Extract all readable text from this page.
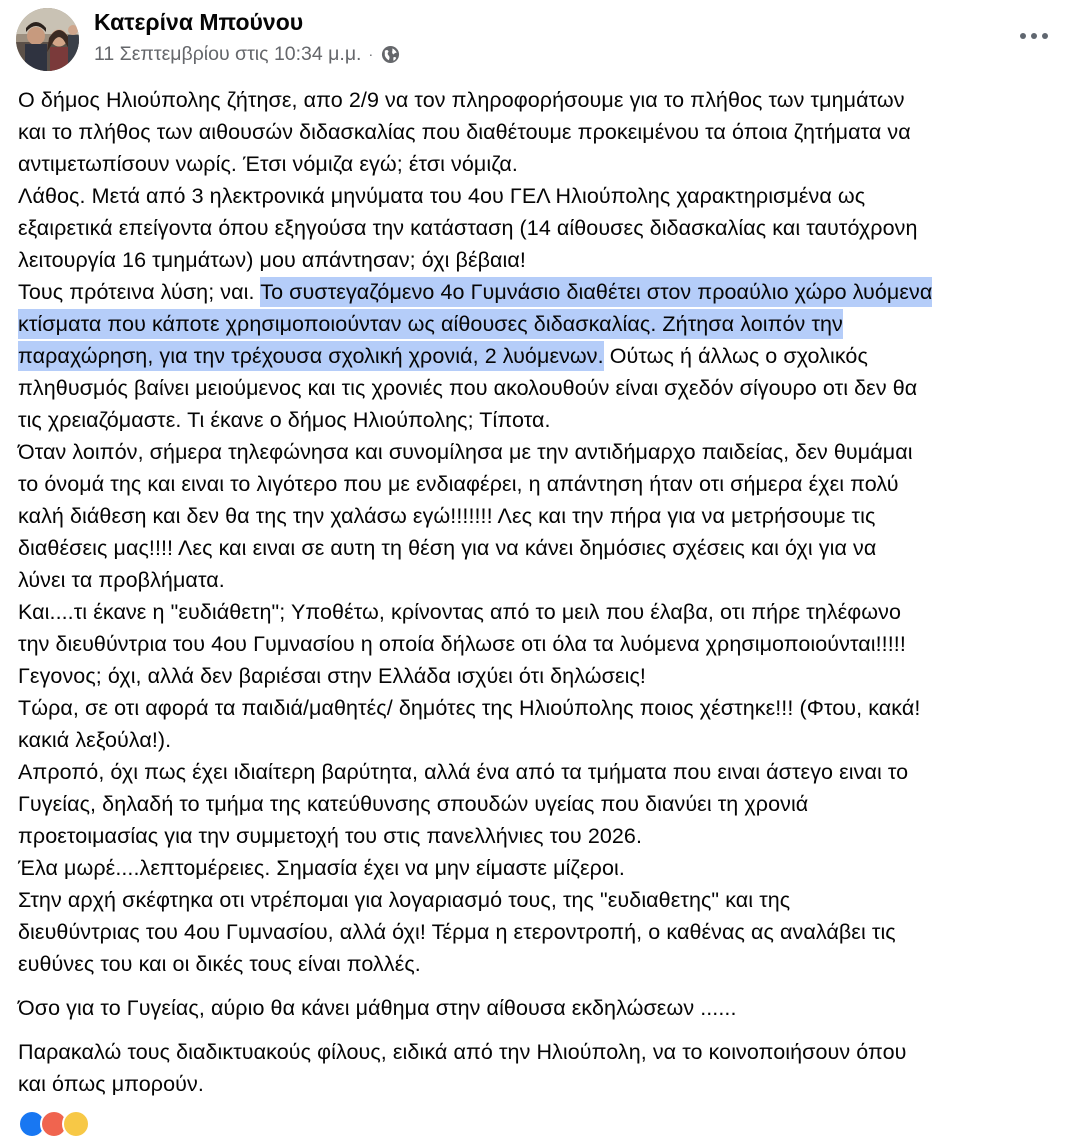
Κατερίνα Μπούνου
11 Σεπτεμβρίου στις 10:34 μ.μ. ·

Ο δήμος Ηλιούπολης ζήτησε, απο 2/9 να τον πληροφορήσουμε για το πλήθος των τμημάτων

και το πλήθος των αιθουσών διδασκαλίας που διαθέτουμε προκειμένου τα όποια ζητήματα να

αντιμετωπίσουν νωρίς. Έτσι νόμιζα εγώ; έτσι νόμιζα.

Λάθος. Μετά από 3 ηλεκτρονικά μηνύματα του 4ου ΓΕΛ Ηλιούπολης χαρακτηρισμένα ως

εξαιρετικά επείγοντα όπου εξηγούσα την κατάσταση (14 αίθουσες διδασκαλίας και ταυτόχρονη

λειτουργία 16 τμημάτων) μου απάντησαν; όχι βέβαια!

Τους πρότεινα λύση; ναι. Το συστεγαζόμενο 4ο Γυμνάσιο διαθέτει στον προαύλιο χώρο λυόμενα

κτίσματα που κάποτε χρησιμοποιούνταν ως αίθουσες διδασκαλίας. Ζήτησα λοιπόν την

παραχώρηση, για την τρέχουσα σχολική χρονιά, 2 λυόμενων. Ούτως ή άλλως ο σχολικός

πληθυσμός βαίνει μειούμενος και τις χρονιές που ακολουθούν είναι σχεδόν σίγουρο οτι δεν θα

τις χρειαζόμαστε. Τι έκανε ο δήμος Ηλιούπολης; Τίποτα.

Όταν λοιπόν, σήμερα τηλεφώνησα και συνομίλησα με την αντιδήμαρχο παιδείας, δεν θυμάμαι

το όνομά της και ειναι το λιγότερο που με ενδιαφέρει, η απάντηση ήταν οτι σήμερα έχει πολύ

καλή διάθεση και δεν θα της την χαλάσω εγώ!!!!!!! Λες και την πήρα για να μετρήσουμε τις

διαθέσεις μας!!!! Λες και ειναι σε αυτη τη θέση για να κάνει δημόσιες σχέσεις και όχι για να

λύνει τα προβλήματα.

Και....τι έκανε η "ευδιάθετη"; Υποθέτω, κρίνοντας από το μειλ που έλαβα, οτι πήρε τηλέφωνο

την διευθύντρια του 4ου Γυμνασίου η οποία δήλωσε οτι όλα τα λυόμενα χρησιμοποιούνται!!!!!

Γεγονος; όχι, αλλά δεν βαριέσαι στην Ελλάδα ισχύει ότι δηλώσεις!

Τώρα, σε οτι αφορά τα παιδιά/μαθητές/ δημότες της Ηλιούπολης ποιος χέστηκε!!! (Φτου, κακά!

κακιά λεξούλα!).

Απροπό, όχι πως έχει ιδιαίτερη βαρύτητα, αλλά ένα από τα τμήματα που ειναι άστεγο ειναι το

Γυγείας, δηλαδή το τμήμα της κατεύθυνσης σπουδών υγείας που διανύει τη χρονιά

προετοιμασίας για την συμμετοχή του στις πανελλήνιες του 2026.

Έλα μωρέ....λεπτομέρειες. Σημασία έχει να μην είμαστε μίζεροι.

Στην αρχή σκέφτηκα οτι ντρέπομαι για λογαριασμό τους, της "ευδιαθετης" και της

διευθύντριας του 4ου Γυμνασίου, αλλά όχι! Τέρμα η ετεροντροπή, ο καθένας ας αναλάβει τις

ευθύνες του και οι δικές τους είναι πολλές.

Όσο για το Γυγείας, αύριο θα κάνει μάθημα στην αίθουσα εκδηλώσεων ......

Παρακαλώ τους διαδικτυακούς φίλους, ειδικά από την Ηλιούπολη, να το κοινοποιήσουν όπου

και όπως μπορούν.
